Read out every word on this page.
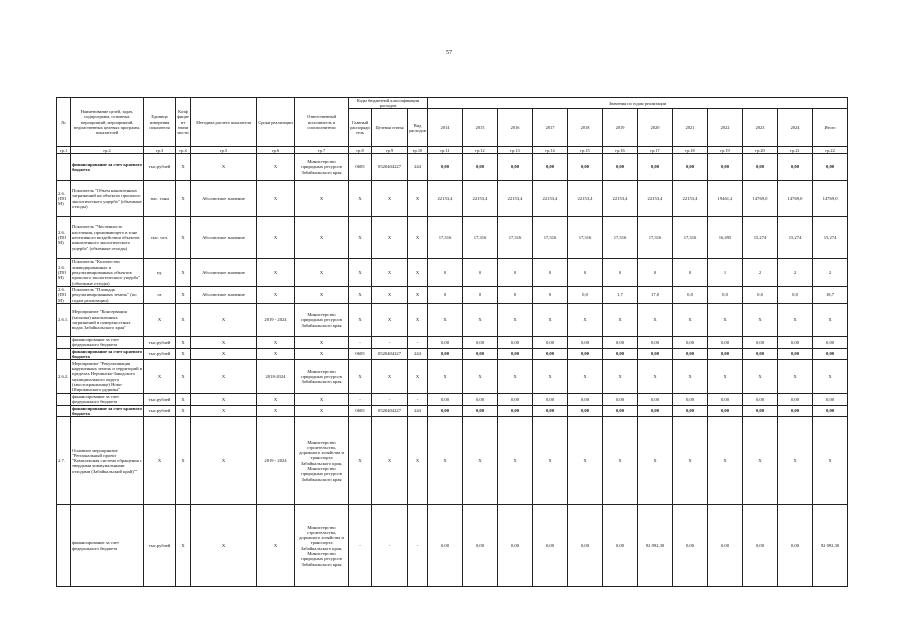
57
№	Наименование целей, задач, подпрограмм, основных мероприятий, мероприятий, ведомственных целевых программ, показателей	Единица измерения показателя	Коэффициент значимости	Методика расчета показателя	Сроки реализации	Ответственный исполнитель и соисполнители	Коды бюджетной классификации расходов			Значения по годам реализации											
							Главный распорядитель	Целевая статья	Вид расходов	2014	2015	2016	2017	2018	2019	2020	2021	2022	2023	2024	Итого
гр.1	гр.2	гр.3	гр.4	гр.5	гр.6	гр.7	гр.8	гр.9	гр.10	гр.11	гр.12	гр.13	гр.14	гр.15	гр.16	гр.17	гр.18	гр.19	гр.20	гр.21	гр.22
	финансирование за счет краевого бюджета	тыс.рублей	Х	Х	Х	Министерство природных ресурсов Забайкальского края	0605	0520404227	244	0,00	0,00	0,00	0,00	0,00	0,00	0,00	0,00	0,00	0,00	0,00	0,00
2.6. (ПОМ)	Показатель "Объем накопленных загрязнений на объектах прошлого экологического ущерба" (объемные отходы)	тыс. тонн	Х	Абсолютное значение	Х	Х	Х	Х	Х	22153,4	22153,4	22153,4	22153,4	22153,4	22153,4	22153,4	22153,4	19461,2	14769,0	14769,0	14769,0
2.6. (ПОМ)	Показатель "Численность населения, проживающего в зоне негативного воздействия объектов накопленного экологического ущерба" (объемные отходы)	тыс. чел.	Х	Абсолютное значение	Х	Х	Х	Х	Х	17,316	17,316	17,316	17,316	17,316	17,316	17,316	17,316	16,495	15,274	15,274	15,274
2.6. (ПОМ)	Показатель "Количество ликвидированных и рекультивированных объектов прошлого экологического ущерба" (объемные отходы)	ед.	Х	Абсолютное значение	Х	Х	Х	Х	Х	0	0	0	0	0	0	0	0	1	2	2	2
2.6. (ПОМ)	Показатель "Площадь рекультивированных земель" (по годам реализации)	га	Х	Абсолютное значение	Х	Х	Х	Х	Х	0	0	0	0	0,0	1,7	17,0	0,0	0,0	0,0	0,0	18,7
2.6.1.	Мероприятие "Консервация (засыпка) накопленных загрязнений в поверхностных водах Забайкальского края"	Х	Х	Х	2019 - 2024	Министерство природных ресурсов Забайкальского края	Х	Х	Х	Х	Х	Х	Х	Х	Х	Х	Х	Х	Х	Х	Х
	финансирование за счет федерального бюджета	тыс.рублей	Х	Х	Х	Х	-	-	-	0,00	0,00	0,00	0,00	0,00	0,00	0,00	0,00	0,00	0,00	0,00	0,00
	финансирование за счет краевого бюджета	тыс.рублей	Х	Х	Х	Х	0605	0520404227	244	0,00	0,00	0,00	0,00	0,00	0,00	0,00	0,00	0,00	0,00	0,00	0,00
2.6.2.	Мероприятие "Рекультивация нарушенных земель и территорий в пределах Нерчинско-Заводского муниципального округа (хвостохранилище) Ново-Широкинского рудника"	Х	Х	Х	2018-2024	Министерство природных ресурсов Забайкальского края	Х	Х	Х	Х	Х	Х	Х	Х	Х	Х	Х	Х	Х	Х	Х
	финансирование за счет федерального бюджета	тыс.рублей	Х	Х	Х	Х	-	-	-	0,00	0,00	0,00	0,00	0,00	0,00	0,00	0,00	0,00	0,00	0,00	0,00
	финансирование за счет краевого бюджета	тыс.рублей	Х	Х	Х	Х	0605	0520404227	244	0,00	0,00	0,00	0,00	0,00	0,00	0,00	0,00	0,00	0,00	0,00	0,00
2.7.	Основное мероприятие "Региональный проект "Комплексная система обращения с твердыми коммунальными отходами (Забайкальский край)""	Х	Х	Х	2019 - 2024	Министерство строительства, дорожного хозяйства и транспорта Забайкальского края, Министерство природных ресурсов Забайкальского края	Х	Х	Х	Х	Х	Х	Х	Х	Х	Х	Х	Х	Х	Х	Х
	финансирование за счет федерального бюджета	тыс.рублей	Х	Х	Х	Министерство строительства, дорожного хозяйства и транспорта Забайкальского края, Министерство природных ресурсов Забайкальского края	-	-	-	0,00	0,00	0,00	0,00	0,00	0,00	92 092,30	0,00	0,00	0,00	0,00	92 092,30
